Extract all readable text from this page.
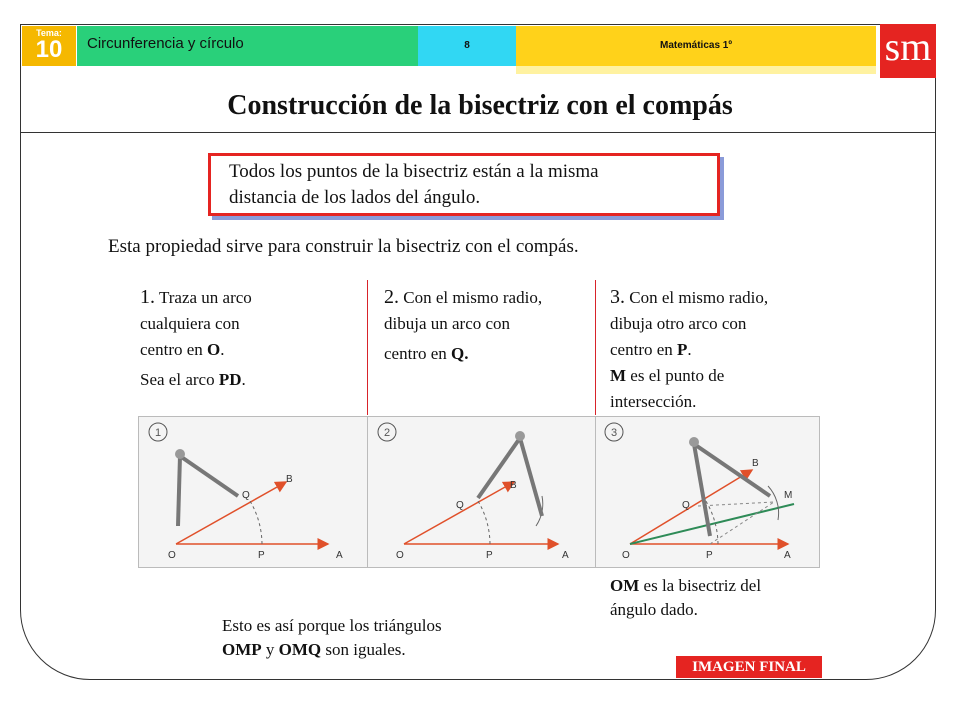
Tema:
10	Circunferencia y círculo	8	Matemáticas 1º	sm
Construcción de la bisectriz con el compás
Todos los puntos de la bisectriz están a la misma
distancia de los lados del ángulo.
Esta propiedad sirve para construir la bisectriz con el compás.
1. Traza un arco
cualquiera con
centro en O.
Sea el arco PD.
2. Con el mismo radio,
dibuja un arco con
centro en Q.
3. Con el mismo radio,
dibuja otro arco con
centro en P.
M es el punto de
intersección.
1
B
Q
O	P	A
2
B
Q
O	P	A
3
B
Q
M
O	P	A
OM es la bisectriz del
ángulo dado.
Esto es así porque los triángulos
OMP y OMQ son iguales.
IMAGEN FINAL
